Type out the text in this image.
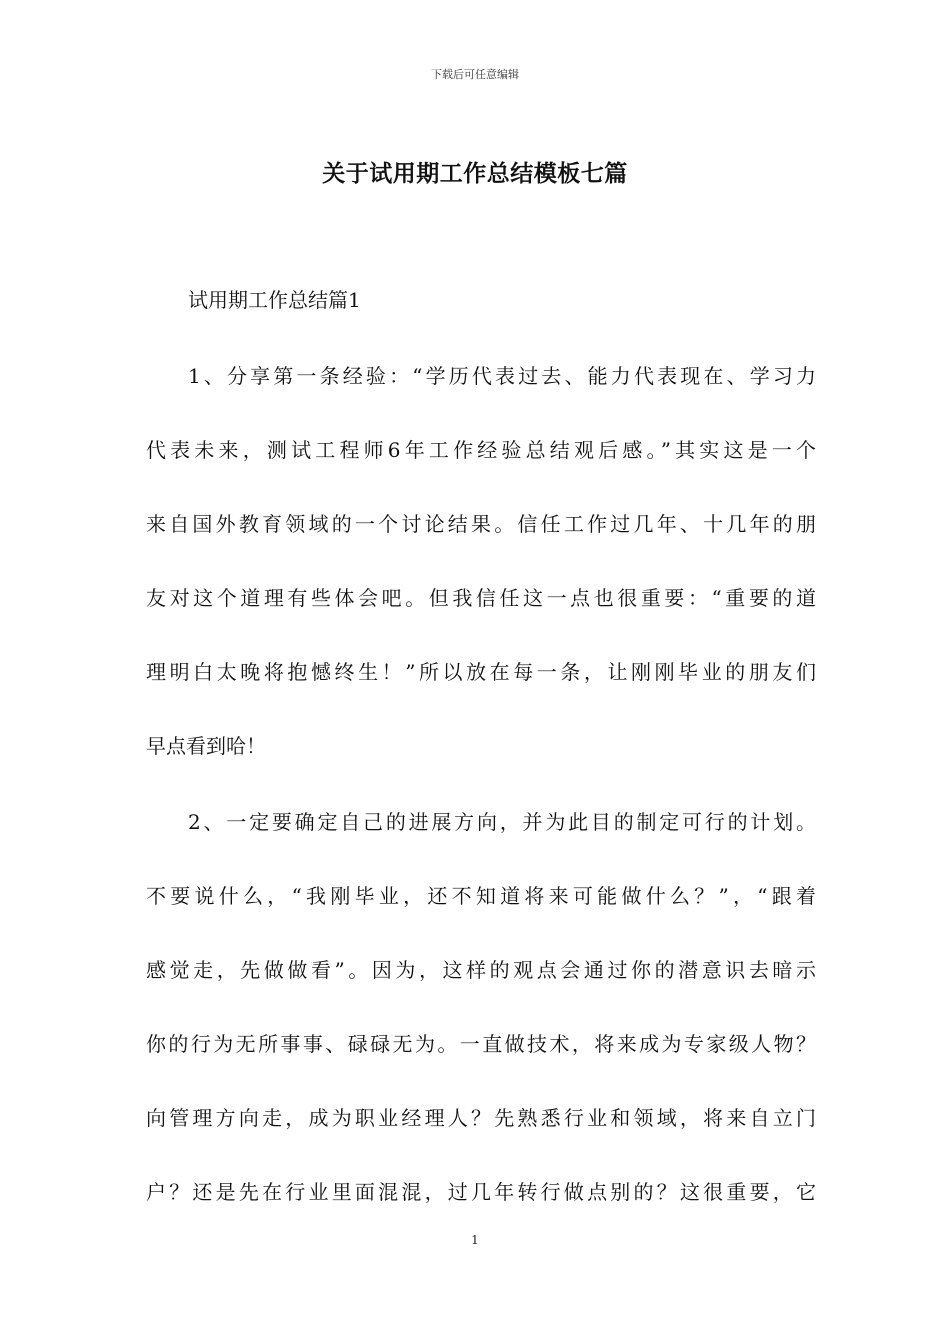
下载后可任意编辑
关于试用期工作总结模板七篇
试用期工作总结篇1
1、分享第一条经验：“学历代表过去、能力代表现在、学习力
代表未来，测试工程师6年工作经验总结观后感。”其实这是一个
来自国外教育领域的一个讨论结果。信任工作过几年、十几年的朋
友对这个道理有些体会吧。但我信任这一点也很重要：“重要的道
理明白太晚将抱憾终生！”所以放在每一条，让刚刚毕业的朋友们
早点看到哈！
2、一定要确定自己的进展方向，并为此目的制定可行的计划。
不要说什么，“我刚毕业，还不知道将来可能做什么？”，“跟着
感觉走，先做做看”。因为，这样的观点会通过你的潜意识去暗示
你的行为无所事事、碌碌无为。一直做技术，将来成为专家级人物？
向管理方向走，成为职业经理人？先熟悉行业和领域，将来自立门
户？还是先在行业里面混混，过几年转行做点别的？这很重要，它
1
